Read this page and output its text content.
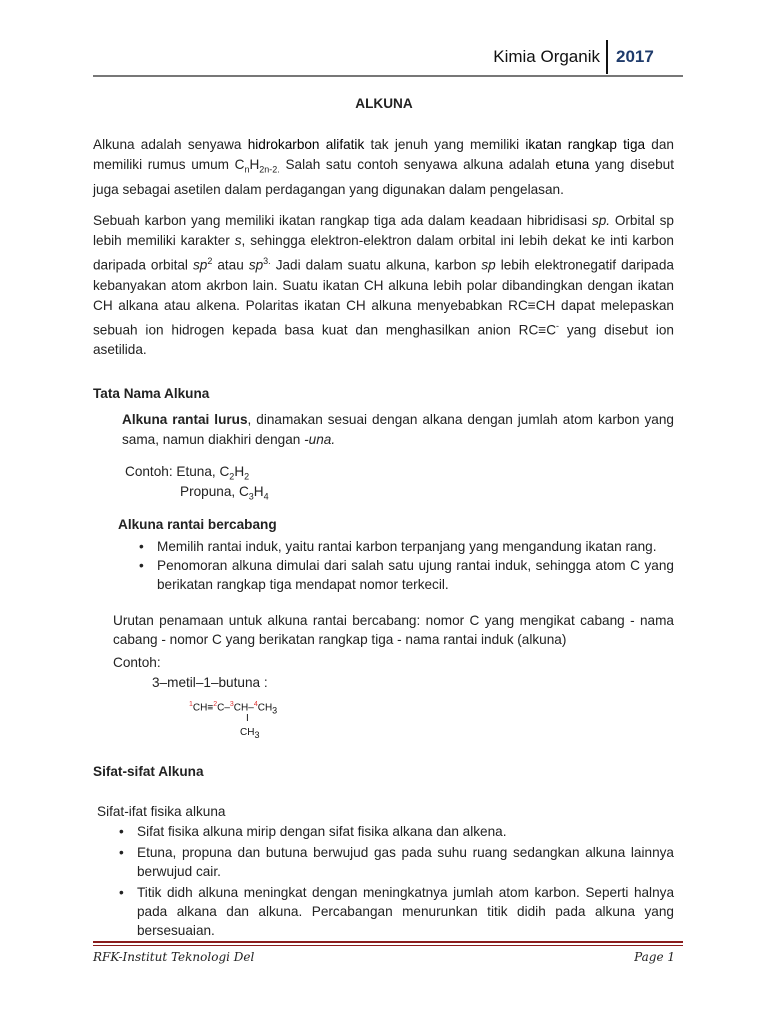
Kimia Organik 2017
ALKUNA
Alkuna adalah senyawa hidrokarbon alifatik tak jenuh yang memiliki ikatan rangkap tiga dan memiliki rumus umum $C_nH_{2n-2.}$ Salah satu contoh senyawa alkuna adalah etuna yang disebut juga sebagai asetilen dalam perdagangan yang digunakan dalam pengelasan.
Sebuah karbon yang memiliki ikatan rangkap tiga ada dalam keadaan hibridisasi sp. Orbital sp lebih memiliki karakter s, sehingga elektron-elektron dalam orbital ini lebih dekat ke inti karbon daripada orbital $sp^2$ atau $sp^{3.}$ Jadi dalam suatu alkuna, karbon sp lebih elektronegatif daripada kebanyakan atom akrbon lain. Suatu ikatan CH alkuna lebih polar dibandingkan dengan ikatan CH alkana atau alkena. Polaritas ikatan CH alkuna menyebabkan RC≡CH dapat melepaskan sebuah ion hidrogen kepada basa kuat dan menghasilkan anion RC≡C- yang disebut ion asetilida.
Tata Nama Alkuna
Alkuna rantai lurus, dinamakan sesuai dengan alkana dengan jumlah atom karbon yang sama, namun diakhiri dengan -una.
Contoh: Etuna, $C_2H_2$
Propuna, $C_3H_4$
Alkuna rantai bercabang
• Memilih rantai induk, yaitu rantai karbon terpanjang yang mengandung ikatan rang.
• Penomoran alkuna dimulai dari salah satu ujung rantai induk, sehingga atom C yang berikatan rangkap tiga mendapat nomor terkecil.
Urutan penamaan untuk alkuna rantai bercabang: nomor C yang mengikat cabang - nama cabang - nomor C yang berikatan rangkap tiga - nama rantai induk (alkuna)
Contoh:
3–metil–1–butuna :
$^1$CH≡$^2$C–$^3$CH–$^4$CH3
I
CH3
Sifat-sifat Alkuna
Sifat-ifat fisika alkuna
• Sifat fisika alkuna mirip dengan sifat fisika alkana dan alkena.
• Etuna, propuna dan butuna berwujud gas pada suhu ruang sedangkan alkuna lainnya berwujud cair.
• Titik didh alkuna meningkat dengan meningkatnya jumlah atom karbon. Seperti halnya pada alkana dan alkuna. Percabangan menurunkan titik didih pada alkuna yang bersesuaian.
RFK-Institut Teknologi Del	Page 1
